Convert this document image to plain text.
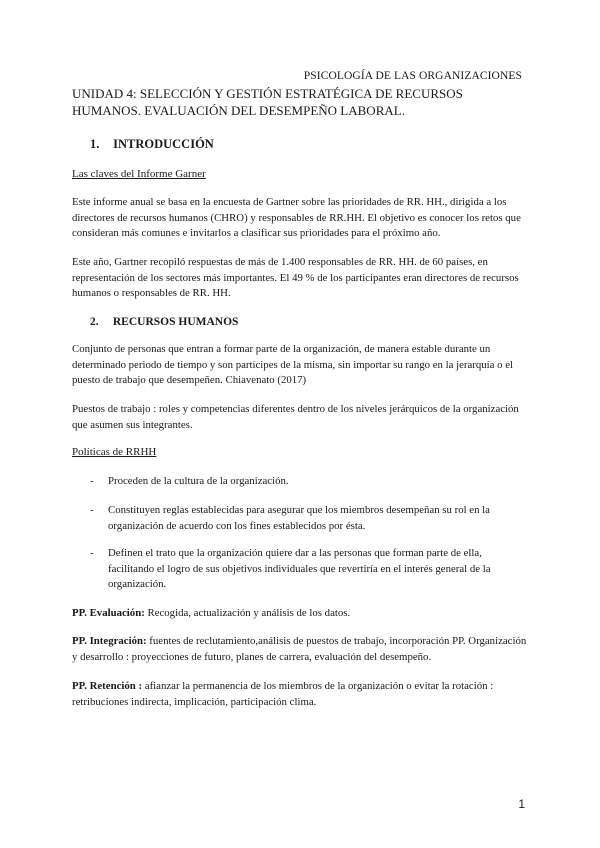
PSICOLOGÍA DE LAS ORGANIZACIONES
UNIDAD 4: SELECCIÓN Y GESTIÓN ESTRATÉGICA DE RECURSOS HUMANOS. EVALUACIÓN DEL DESEMPEÑO LABORAL.
1. INTRODUCCIÓN
Las claves del Informe Garner
Este informe anual se basa en la encuesta de Gartner sobre las prioridades de RR. HH., dirigida a los directores de recursos humanos (CHRO) y responsables de RR.HH. El objetivo es conocer los retos que consideran más comunes e invitarlos a clasificar sus prioridades para el próximo año.
Este año, Gartner recopiló respuestas de más de 1.400 responsables de RR. HH. de 60 países, en representación de los sectores más importantes. El 49 % de los participantes eran directores de recursos humanos o responsables de RR. HH.
2. RECURSOS HUMANOS
Conjunto de personas que entran a formar parte de la organización, de manera estable durante un determinado periodo de tiempo y son partícipes de la misma, sin importar su rango en la jerarquía o el puesto de trabajo que desempeñen. Chiavenato (2017)
Puestos de trabajo : roles y competencias diferentes dentro de los niveles jerárquicos de la organización que asumen sus integrantes.
Políticas de RRHH
- Proceden de la cultura de la organización.
- Constituyen reglas establecidas para asegurar que los miembros desempeñan su rol en la organización de acuerdo con los fines establecidos por ésta.
- Definen el trato que la organización quiere dar a las personas que forman parte de ella, facilitando el logro de sus objetivos individuales que revertiría en el interés general de la organización.
PP. Evaluación: Recogida, actualización y análisis de los datos.
PP. Integración: fuentes de reclutamiento,análisis de puestos de trabajo, incorporación PP. Organización y desarrollo : proyecciones de futuro, planes de carrera, evaluación del desempeño.
PP. Retención : afianzar la permanencia de los miembros de la organización o evitar la rotación : retribuciones indirecta, implicación, participación clima.
1
